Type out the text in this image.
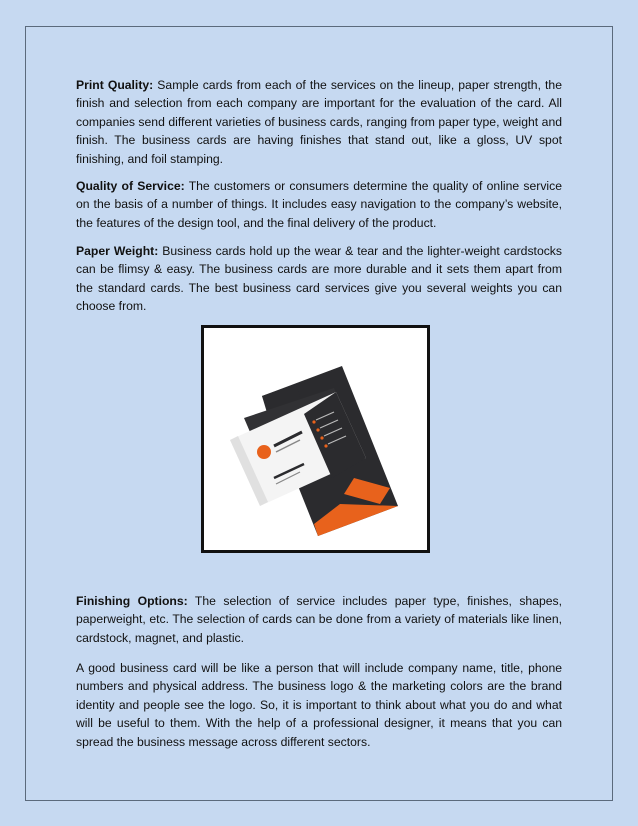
Print Quality: Sample cards from each of the services on the lineup, paper strength, the finish and selection from each company are important for the evaluation of the card. All companies send different varieties of business cards, ranging from paper type, weight and finish. The business cards are having finishes that stand out, like a gloss, UV spot finishing, and foil stamping.

Quality of Service: The customers or consumers determine the quality of online service on the basis of a number of things. It includes easy navigation to the company’s website, the features of the design tool, and the final delivery of the product.

Paper Weight: Business cards hold up the wear & tear and the lighter-weight cardstocks can be flimsy & easy. The business cards are more durable and it sets them apart from the standard cards. The best business card services give you several weights you can choose from.

Finishing Options: The selection of service includes paper type, finishes, shapes, paperweight, etc. The selection of cards can be done from a variety of materials like linen, cardstock, magnet, and plastic.

A good business card will be like a person that will include company name, title, phone numbers and physical address. The business logo & the marketing colors are the brand identity and people see the logo. So, it is important to think about what you do and what will be useful to them. With the help of a professional designer, it means that you can spread the business message across different sectors.
